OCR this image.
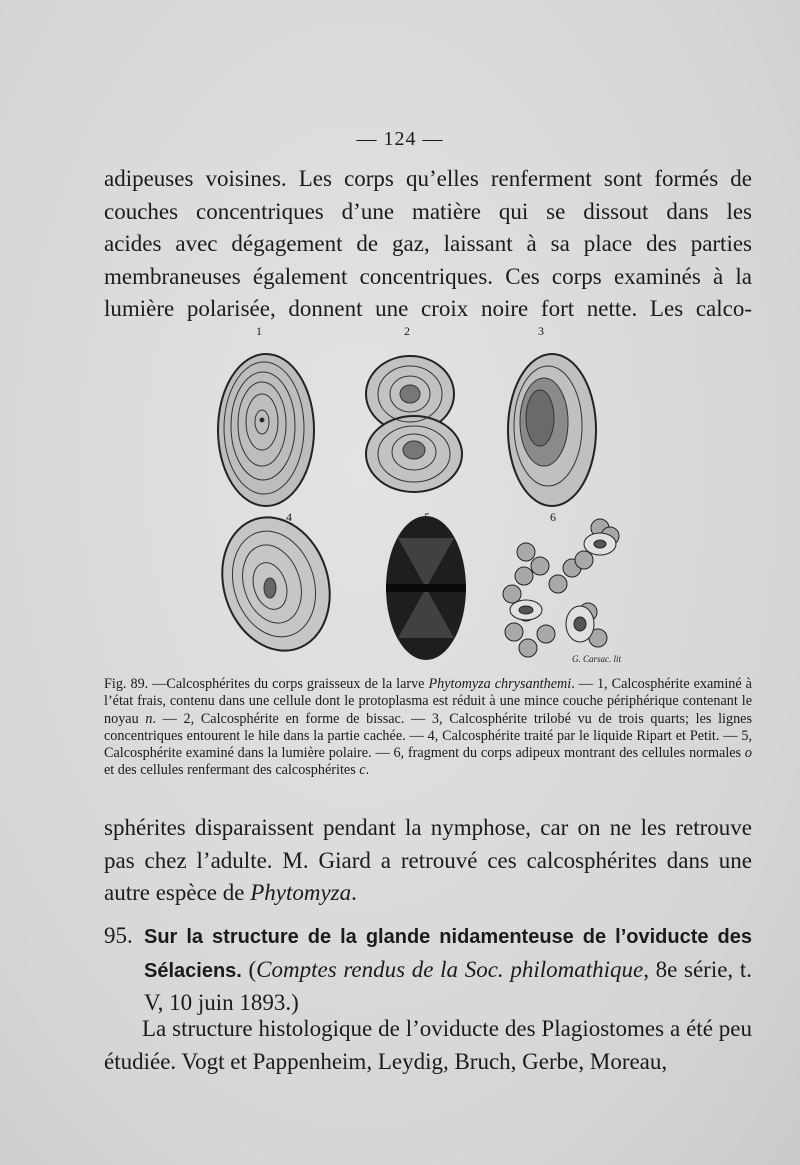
— 124 —
adipeuses voisines. Les corps qu’elles renferment sont formés de
couches concentriques d’une matière qui se dissout dans les
acides avec dégagement de gaz, laissant à sa place des parties
membraneuses également concentriques. Ces corps examinés à la
lumière polarisée, donnent une croix noire fort nette. Les calco-
1	2	3
4	6
G. Carsac. lit
Fig. 89. —Calcosphérites du corps graisseux de la larve Phytomyza chrysanthemi. — 1, Calcosphérite examiné à l’état frais, contenu dans une cellule dont le protoplasma est réduit à une mince couche périphérique contenant le noyau n. — 2, Calcosphérite en forme de bissac. — 3, Calcosphérite trilobé vu de trois quarts; les lignes concentriques entourent le hile dans la partie cachée. — 4, Calcosphérite traité par le liquide Ripart et Petit. — 5, Calcosphérite examiné dans la lumière polaire. — 6, fragment du corps adipeux montrant des cellules normales o et des cellules renfermant des calcosphérites c.
sphérites disparaissent pendant la nymphose, car on ne les retrouve pas chez l’adulte. M. Giard a retrouvé ces calcosphérites dans une autre espèce de Phytomyza.
95. Sur la structure de la glande nidamenteuse de l’oviducte des Sélaciens. (Comptes rendus de la Soc. philomathique, 8e série, t. V, 10 juin 1893.)
La structure histologique de l’oviducte des Plagiostomes a été peu étudiée. Vogt et Pappenheim, Leydig, Bruch, Gerbe, Moreau,
